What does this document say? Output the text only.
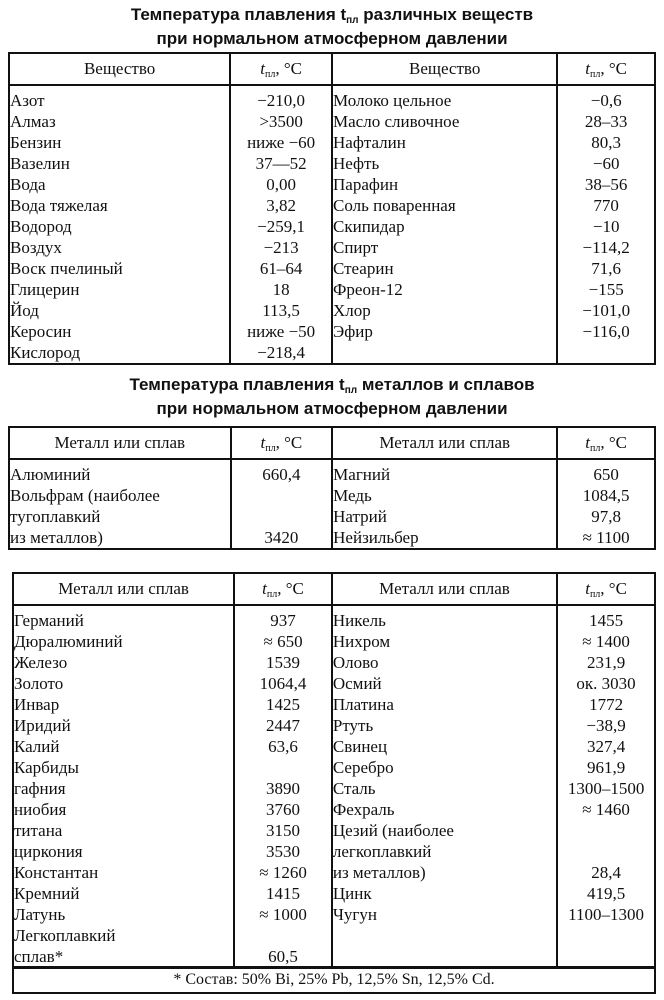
Температура плавления tпл различных веществ
при нормальном атмосферном давлении
Вещество	tпл, °С	Вещество	tпл, °С
Азот	−210,0	Молоко цельное	−0,6
Алмаз	>3500	Масло сливочное	28–33
Бензин	ниже −60	Нафталин	80,3
Вазелин	37—52	Нефть	−60
Вода	0,00	Парафин	38–56
Вода тяжелая	3,82	Соль поваренная	770
Водород	−259,1	Скипидар	−10
Воздух	−213	Спирт	−114,2
Воск пчелиный	61–64	Стеарин	71,6
Глицерин	18	Фреон-12	−155
Йод	113,5	Хлор	−101,0
Керосин	ниже −50	Эфир	−116,0
Кислород	−218,4		
Температура плавления tпл металлов и сплавов
при нормальном атмосферном давлении
Металл или сплав	tпл, °С	Металл или сплав	tпл, °С
Алюминий	660,4	Магний	650
Вольфрам (наиболее		Медь	1084,5
тугоплавкий		Натрий	97,8
из металлов)	3420	Нейзильбер	≈ 1100
Металл или сплав	tпл, °С	Металл или сплав	tпл, °С
Германий	937	Никель	1455
Дюралюминий	≈ 650	Нихром	≈ 1400
Железо	1539	Олово	231,9
Золото	1064,4	Осмий	ок. 3030
Инвар	1425	Платина	1772
Иридий	2447	Ртуть	−38,9
Калий	63,6	Свинец	327,4
Карбиды		Серебро	961,9
гафния	3890	Сталь	1300–1500
ниобия	3760	Фехраль	≈ 1460
титана	3150	Цезий (наиболее	
циркония	3530	легкоплавкий	
Константан	≈ 1260	из металлов)	28,4
Кремний	1415	Цинк	419,5
Латунь	≈ 1000	Чугун	1100–1300
Легкоплавкий			
сплав*	60,5		
* Состав: 50% Bi, 25% Pb, 12,5% Sn, 12,5% Cd.
